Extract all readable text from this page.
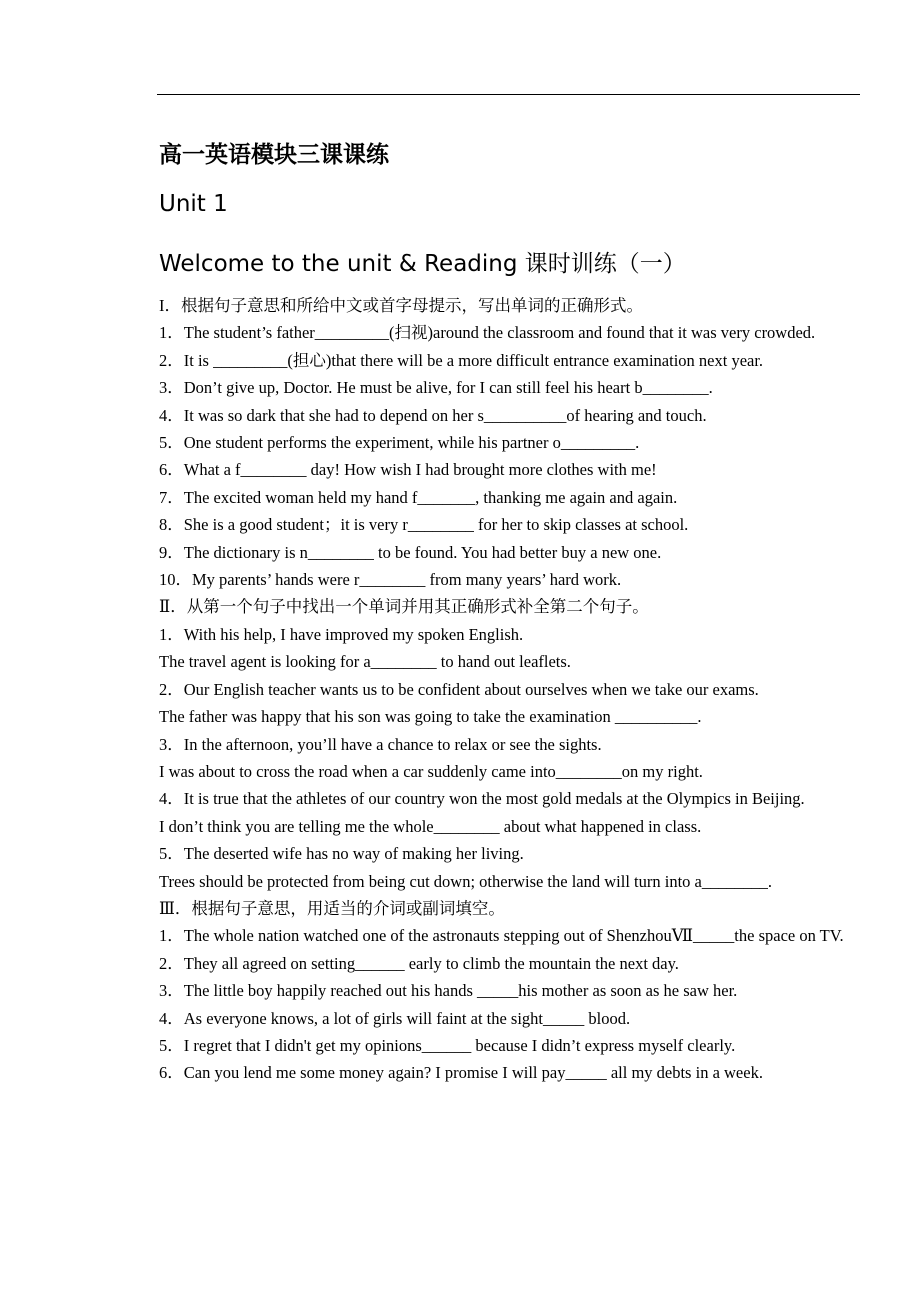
高一英语模块三课课练
Unit 1
Welcome to the unit & Reading 课时训练（一）
I．根据句子意思和所给中文或首字母提示，写出单词的正确形式。
1．The student’s father_________(扫视)around the classroom and found that it was very crowded.
2．It is _________(担心)that there will be a more difficult entrance examination next year.
3．Don’t give up, Doctor. He must be alive, for I can still feel his heart b________.
4．It was so dark that she had to depend on her s__________of hearing and touch.
5．One student performs the experiment, while his partner o_________.
6．What a f________ day! How wish I had brought more clothes with me!
7．The excited woman held my hand f_______, thanking me again and again.
8．She is a good student；it is very r________ for her to skip classes at school.
9．The dictionary is n________ to be found. You had better buy a new one.
10．My parents’ hands were r________ from many years’ hard work.
Ⅱ．从第一个句子中找出一个单词并用其正确形式补全第二个句子。
1．With his help, I have improved my spoken English.
The travel agent is looking for a________ to hand out leaflets.
2．Our English teacher wants us to be confident about ourselves when we take our exams.
The father was happy that his son was going to take the examination __________.
3．In the afternoon, you’ll have a chance to relax or see the sights.
I was about to cross the road when a car suddenly came into________on my right.
4．It is true that the athletes of our country won the most gold medals at the Olympics in Beijing.
I don’t think you are telling me the whole________ about what happened in class.
5．The deserted wife has no way of making her living.
Trees should be protected from being cut down; otherwise the land will turn into a________.
Ⅲ．根据句子意思，用适当的介词或副词填空。
1．The whole nation watched one of the astronauts stepping out of ShenzhouⅦ_____the space on TV.
2．They all agreed on setting______ early to climb the mountain the next day.
3．The little boy happily reached out his hands _____his mother as soon as he saw her.
4．As everyone knows, a lot of girls will faint at the sight_____ blood.
5．I regret that I didn't get my opinions______ because I didn’t express myself clearly.
6．Can you lend me some money again? I promise I will pay_____ all my debts in a week.
